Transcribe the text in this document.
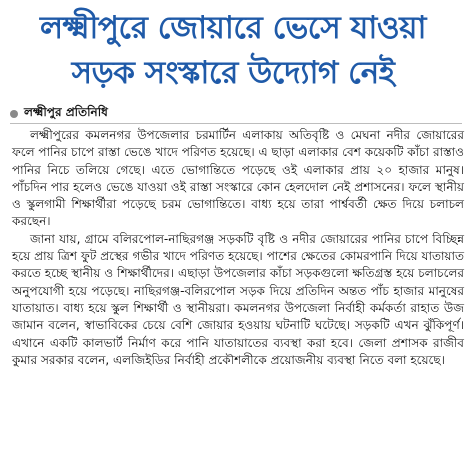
লক্ষ্মীপুরে জোয়ারে ভেসে যাওয়া
সড়ক সংস্কারে উদ্যোগ নেই
লক্ষ্মীপুর প্রতিনিধি

লক্ষ্মীপুরের কমলনগর উপজেলার চরমার্টিন এলাকায় অতিবৃষ্টি ও মেঘনা নদীর জোয়ারের ফলে পানির চাপে রাস্তা ভেঙে খাদে পরিণত হয়েছে। এ ছাড়া এলাকার বেশ কয়েকটি কাঁচা রাস্তাও পানির নিচে তলিয়ে গেছে। এতে ভোগান্তিতে পড়েছে ওই এলাকার প্রায় ২০ হাজার মানুষ। পাঁচদিন পার হলেও ভেঙে যাওয়া ওই রাস্তা সংস্কারে কোন হেলদোল নেই প্রশাসনের। ফলে স্থানীয় ও স্কুলগামী শিক্ষার্থীরা পড়েছে চরম ভোগান্তিতে। বাধ্য হয়ে তারা পার্শ্ববর্তী ক্ষেত দিয়ে চলাচল করছেন।

জানা যায়, গ্রামে বলিরপোল-নাছিরগঞ্জ সড়কটি বৃষ্টি ও নদীর জোয়ারের পানির চাপে বিচ্ছিন্ন হয়ে প্রায় ত্রিশ ফুট প্রস্থের গভীর খাদে পরিণত হয়েছে। পাশের ক্ষেতের কোমরপানি দিয়ে যাতায়াত করতে হচ্ছে স্থানীয় ও শিক্ষার্থীদের। এছাড়া উপজেলার কাঁচা সড়কগুলো ক্ষতিগ্রস্ত হয়ে চলাচলের অনুপযোগী হয়ে পড়েছে। নাছিরগঞ্জ-বলিরপোল সড়ক দিয়ে প্রতিদিন অন্তত পাঁচ হাজার মানুষের যাতায়াত। বাধ্য হয়ে স্কুল শিক্ষার্থী ও স্থানীয়রা। কমলনগর উপজেলা নির্বাহী কর্মকর্তা রাহাত উজ জামান বলেন, স্বাভাবিকের চেয়ে বেশি জোয়ার হওয়ায় ঘটনাটি ঘটেছে। সড়কটি এখন ঝুঁকিপূর্ণ। এখানে একটি কালভার্ট নির্মাণ করে পানি যাতায়াতের ব্যবস্থা করা হবে। জেলা প্রশাসক রাজীব কুমার সরকার বলেন, এলজিইডির নির্বাহী প্রকৌশলীকে প্রয়োজনীয় ব্যবস্থা নিতে বলা হয়েছে।
